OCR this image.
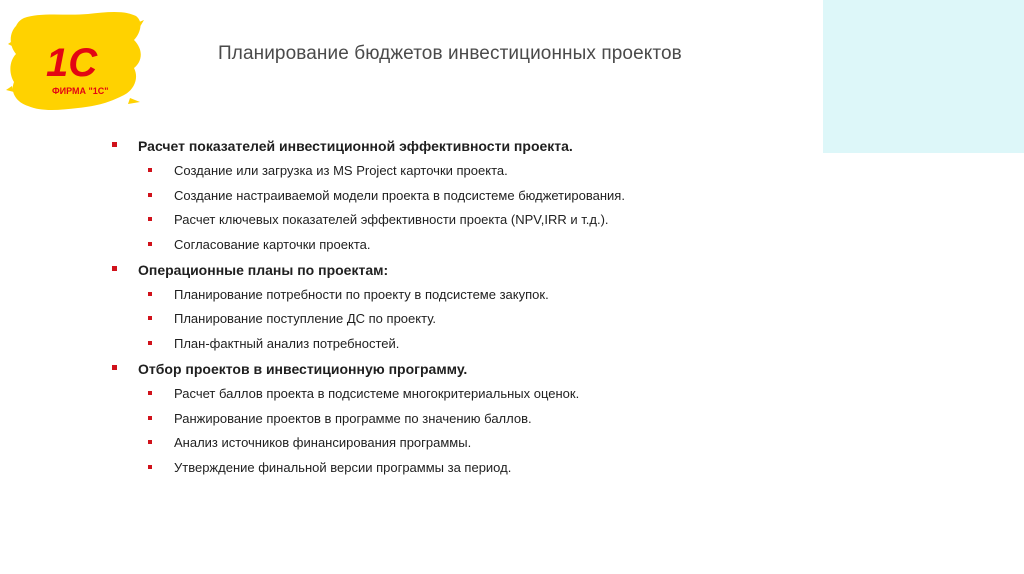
1С
ФИРМА "1С"
Планирование бюджетов инвестиционных проектов
Расчет показателей инвестиционной эффективности проекта.
Создание или загрузка из MS Project карточки проекта.
Создание настраиваемой модели проекта в подсистеме бюджетирования.
Расчет ключевых показателей эффективности проекта (NPV,IRR и т.д.).
Согласование карточки проекта.
Операционные планы по проектам:
Планирование потребности по проекту в подсистеме закупок.
Планирование поступление ДС по проекту.
План-фактный анализ потребностей.
Отбор проектов в инвестиционную программу.
Расчет баллов проекта в подсистеме многокритериальных оценок.
Ранжирование проектов в программе по значению баллов.
Анализ источников финансирования программы.
Утверждение финальной версии программы за период.
